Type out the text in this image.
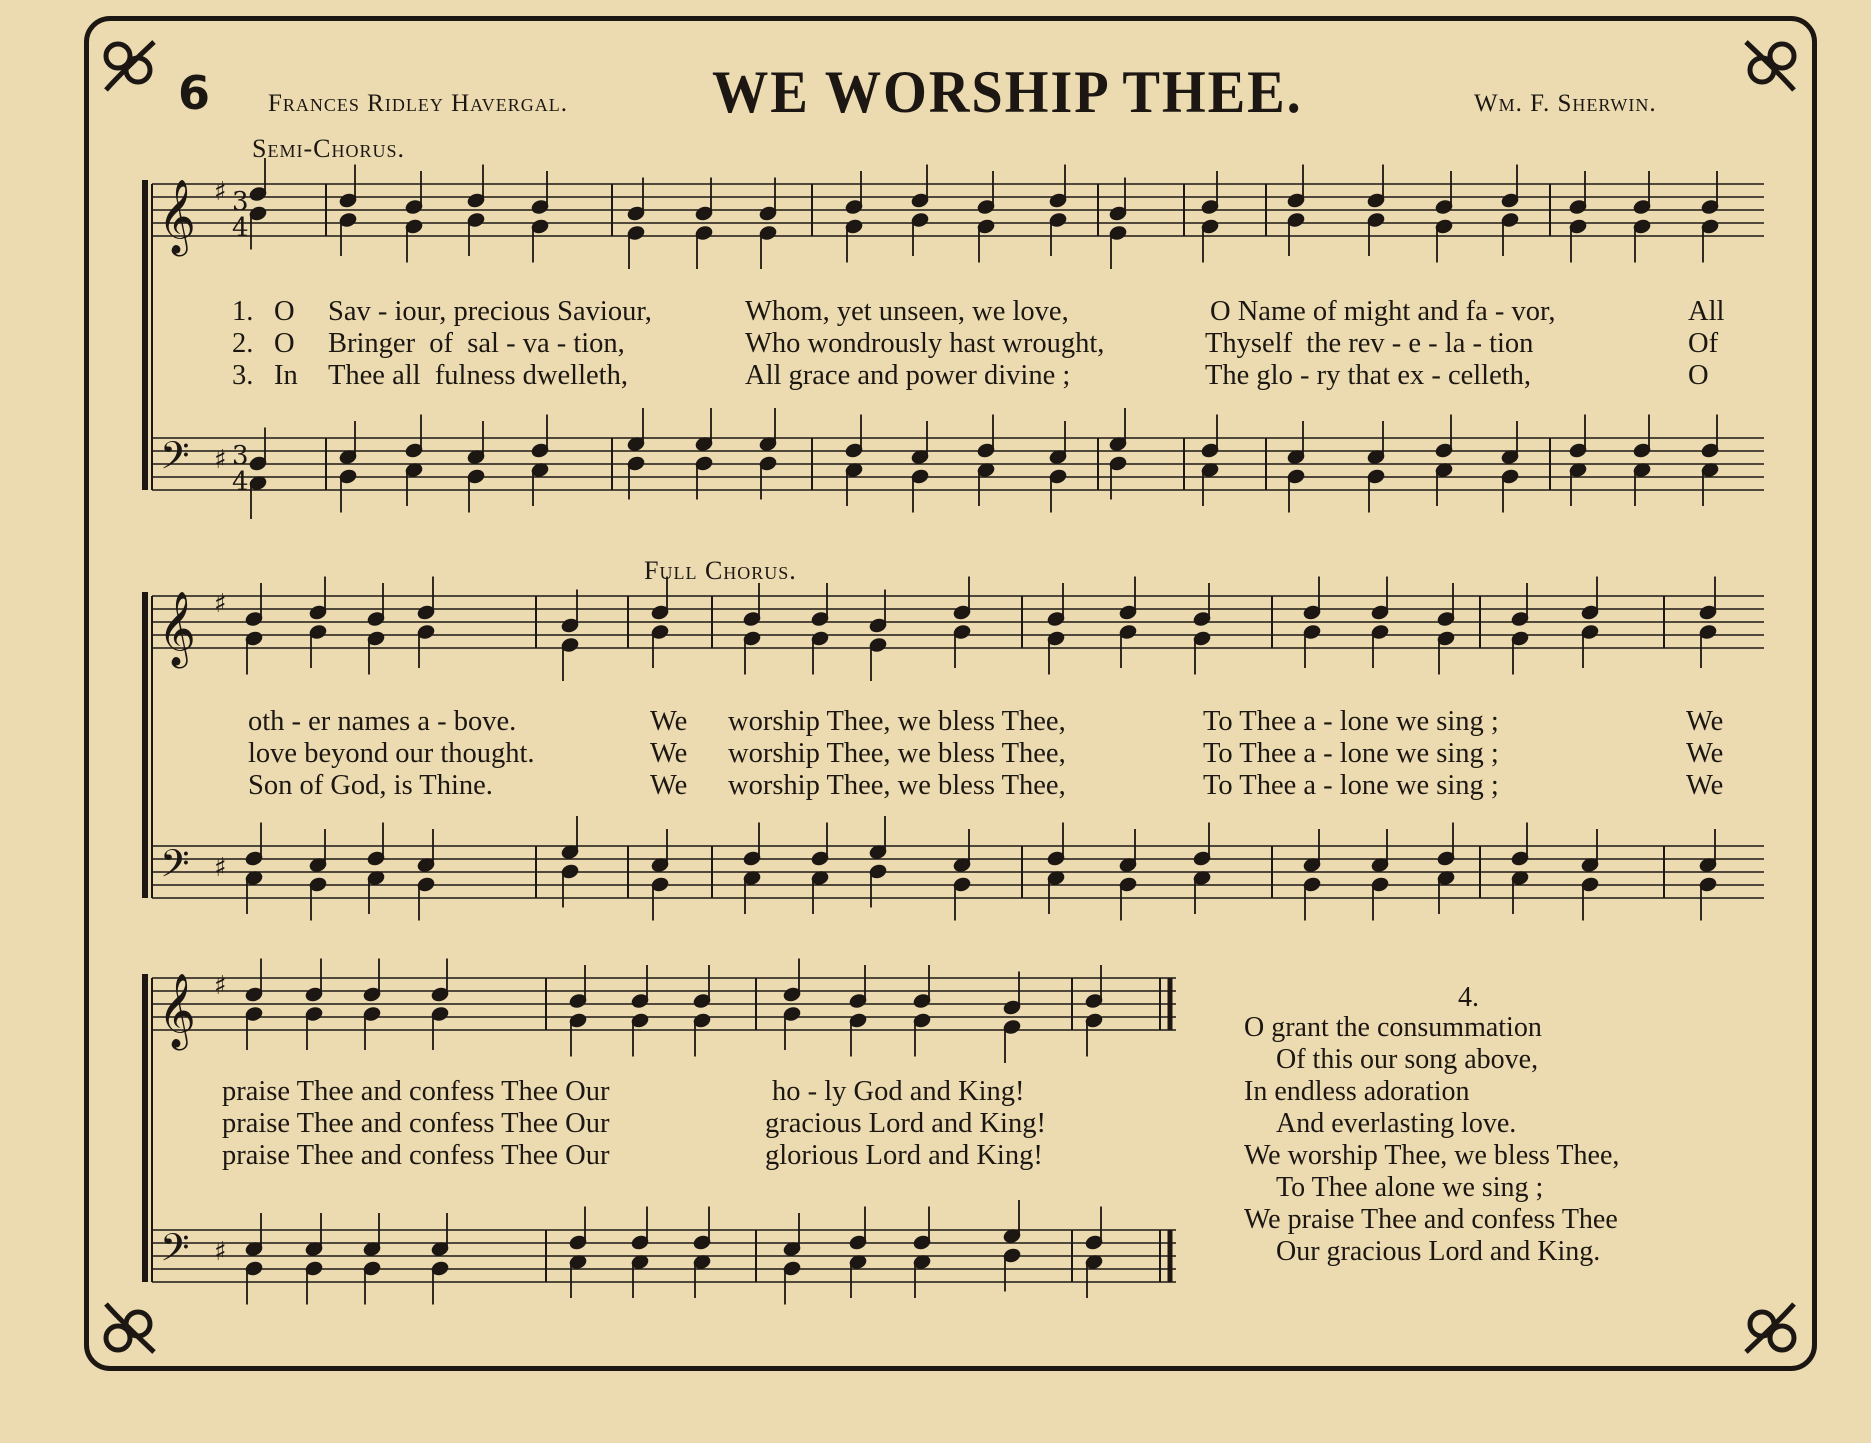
6 Frances Ridley Havergal. WE WORSHIP THEE.	Wm. F. Sherwin.
Semi-Chorus.
Full Chorus.
𝄞
𝄢
♯
♯
3
4
3
4
𝄞
𝄢
♯
♯
𝄞
𝄢
♯
♯
1. O Sav - iour, precious Saviour,	Whom, yet unseen, we love,	O Name of might and fa - vor,	All
2. O Bringer  of  sal - va - tion,	Who wondrously hast wrought,	Thyself  the rev - e - la - tion	Of
3. In Thee all  fulness dwelleth,	All grace and power divine ;	The glo - ry that ex - celleth,	O
oth - er names a - bove.	We worship Thee, we bless Thee,	To Thee a - lone we sing ;	We
love beyond our thought.	We worship Thee, we bless Thee,	To Thee a - lone we sing ;	We
Son of God, is Thine.	We worship Thee, we bless Thee,	To Thee a - lone we sing ;	We
praise Thee and confess Thee Our	ho - ly God and King!
praise Thee and confess Thee Our	gracious Lord and King!
praise Thee and confess Thee Our	glorious Lord and King!
4.
O grant the consummation
Of this our song above,
In endless adoration
And everlasting love.
We worship Thee, we bless Thee,
To Thee alone we sing ;
We praise Thee and confess Thee
Our gracious Lord and King.
